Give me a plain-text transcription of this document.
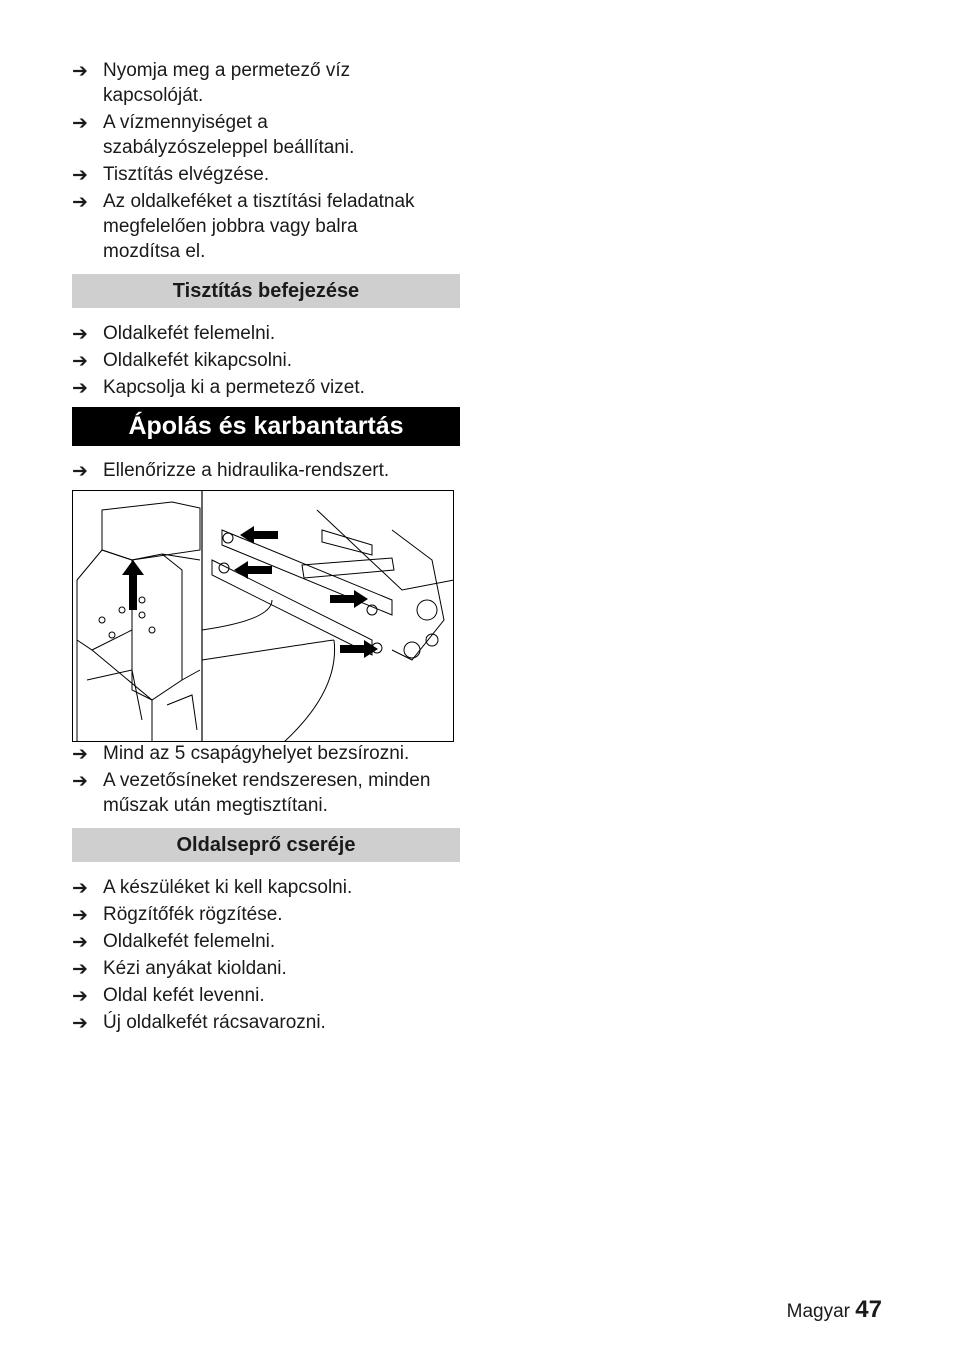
➔ Nyomja meg a permetező víz
kapcsolóját.
➔ A vízmennyiséget a
szabályzószeleppel beállítani.
➔ Tisztítás elvégzése.
➔ Az oldalkeféket a tisztítási feladatnak
megfelelően jobbra vagy balra
mozdítsa el.
Tisztítás befejezése
➔ Oldalkefét felemelni.
➔ Oldalkefét kikapcsolni.
➔ Kapcsolja ki a permetező vizet.
Ápolás és karbantartás
➔ Ellenőrizze a hidraulika-rendszert.
➔ Mind az 5 csapágyhelyet bezsírozni.
➔ A vezetősíneket rendszeresen, minden
műszak után megtisztítani.
Oldalseprő cseréje
➔ A készüléket ki kell kapcsolni.
➔ Rögzítőfék rögzítése.
➔ Oldalkefét felemelni.
➔ Kézi anyákat kioldani.
➔ Oldal kefét levenni.
➔ Új oldalkefét rácsavarozni.
Magyar 47
